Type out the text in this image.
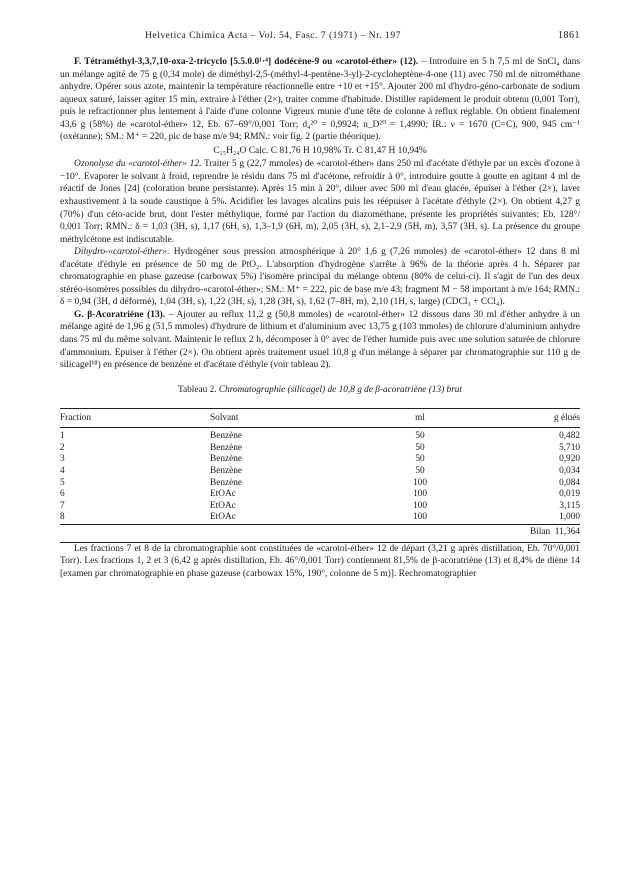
Helvetica Chimica Acta – Vol. 54, Fasc. 7 (1971) – Nr. 197	1861

F. Tétraméthyl-3,3,7,10-oxa-2-tricyclo [5.5.0.0¹·⁴] dodécène-9 ou «carotol-éther» (12). – Introduire en 5 h 7,5 ml de SnCl₄ dans un mélange agité de 75 g (0,34 mole) de diméthyl-2,5-(méthyl-4-pentène-3-yl)-2-cycloheptène-4-one (11) avec 750 ml de nitrométhane anhydre. Opérer sous azote, maintenir la température réactionnelle entre +10 et +15°. Ajouter 200 ml d'hydro-géno-carbonate de sodium aqueux saturé, laisser agiter 15 min, extraire à l'éther (2×), traiter comme d'habitude. Distiller rapidement le produit obtenu (0,001 Torr), puis le refractionner plus lentement à l'aide d'une colonne Vigreux munie d'une tête de colonne à reflux réglable. On obtient finalement 43,6 g (58%) de «carotol-éther» 12, Eb. 67–69°/0,001 Torr; d₄²⁰ = 0,9924; n_D²⁰ = 1,4990; IR.: ν = 1670 (C=C), 900, 945 cm⁻¹ (oxétanne); SM.: M⁺ = 220, pic de base m/e 94; RMN.: voir fig. 2 (partie théorique).

C₁₅H₂₄O Calc. C 81,76 H 10,98% Tr. C 81,47 H 10,94%

Ozonolyse du «carotol-éther» 12. Traiter 5 g (22,7 mmoles) de «carotol-éther» dans 250 ml d'acétate d'éthyle par un excès d'ozone à −10°. Evaporer le solvant à froid, reprendre le résidu dans 75 ml d'acétone, refroidir à 0°, introduire goutte à goutte en agitant 4 ml de réactif de Jones [24] (coloration brune persistante). Après 15 min à 20°, diluer avec 500 ml d'eau glacée, épuiser à l'éther (2×), laver exhaustivement à la soude caustique à 5%. Acidifier les lavages alcalins puis les réépuiser à l'acétate d'éthyle (2×). On obtient 4,27 g (70%) d'un céto-acide brut, dont l'ester méthylique, formé par l'action du diazométhane, présente les propriétés suivantes: Eb. 128°/ 0,001 Torr; RMN.: δ = 1,03 (3H, s), 1,17 (6H, s), 1,3–1,9 (6H, m), 2,05 (3H, s), 2,1–2,9 (5H, m), 3,57 (3H, s). La présence du groupe méthylcétone est indiscutable.

Dihydro-«carotol-éther». Hydrogéner sous pression atmosphérique à 20° 1,6 g (7,26 mmoles) de «carotol-éther» 12 dans 8 ml d'acétate d'éthyle en présence de 50 mg de PtO₂. L'absorption d'hydrogène s'arrête à 96% de la théorie après 4 h. Séparer par chromatographie en phase gazeuse (carbowax 5%) l'isomère principal du mélange obtenu (80% de celui-ci). Il s'agit de l'un des deux stéréo-isomères possibles du dihydro-«carotol-éther»; SM.: M⁺ = 222, pic de base m/e 43; fragment M − 58 important à m/e 164; RMN.: δ = 0,94 (3H, d déformé), 1,04 (3H, s), 1,22 (3H, s), 1,28 (3H, s), 1,62 (7–8H, m), 2,10 (1H, s, large) (CDCl₃ + CCl₄).

G. β-Acoratriène (13). – Ajouter au reflux 11,2 g (50,8 mmoles) de «carotol-éther» 12 dissous dans 30 ml d'éther anhydre à un mélange agité de 1,96 g (51,5 mmoles) d'hydrure de lithium et d'aluminium avec 13,75 g (103 mmoles) de chlorure d'aluminium anhydre dans 75 ml du même solvant. Maintenir le reflux 2 h, décomposer à 0° avec de l'éther humide puis avec une solution saturée de chlorure d'ammonium. Epuiser à l'éther (2×). On obtient après traitement usuel 10,8 g d'un mélange à séparer par chromatographie sur 110 g de silicagel¹⁸) en présence de benzène et d'acétate d'éthyle (voir tableau 2).

Tableau 2. Chromatographie (silicagel) de 10,8 g de β-acoratriène (13) brut
Fraction	Solvant	ml	g élués
1	Benzène	50	0,482
2	Benzène	50	5,710
3	Benzène	50	0,920
4	Benzène	50	0,034
5	Benzène	100	0,084
6	EtOAc	100	0,019
7	EtOAc	100	3,115
8	EtOAc	100	1,000
			Bilan 11,364

Les fractions 7 et 8 de la chromatographie sont constituées de «carotol-éther» 12 de départ (3,21 g après distillation, Eb. 70°/0,001 Torr). Les fractions 1, 2 et 3 (6,42 g après distillation, Eb. 46°/0,001 Torr) contiennent 81,5% de β-acoratriène (13) et 8,4% de diène 14 [examen par chromatographie en phase gazeuse (carbowax 15%, 190°, colonne de 5 m)]. Rechromatographier
